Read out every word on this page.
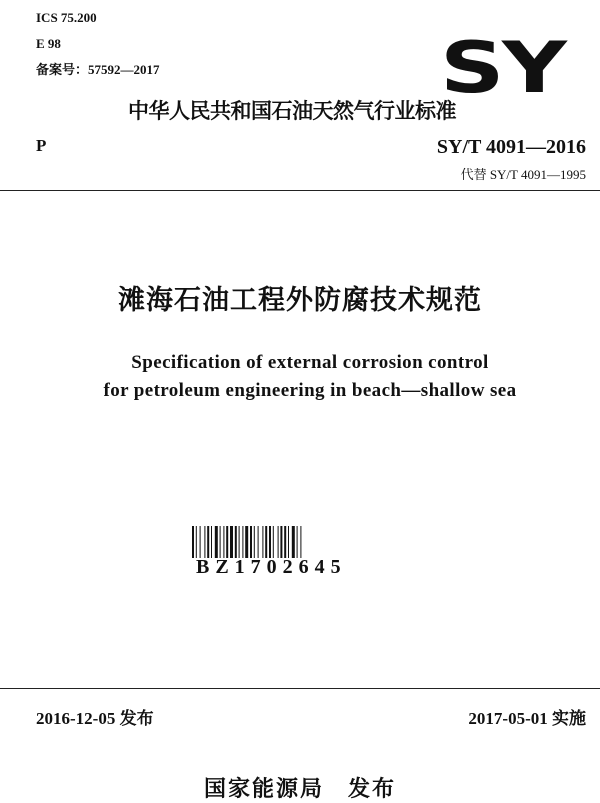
ICS 75.200
E 98
备案号：57592—2017	SY
中华人民共和国石油天然气行业标准
P	SY/T 4091—2016
代替 SY/T 4091—1995
滩海石油工程外防腐技术规范
Specification of external corrosion control
for petroleum engineering in beach—shallow sea
BZ1702645
2016-12-05 发布	2017-05-01 实施
国家能源局　发布
